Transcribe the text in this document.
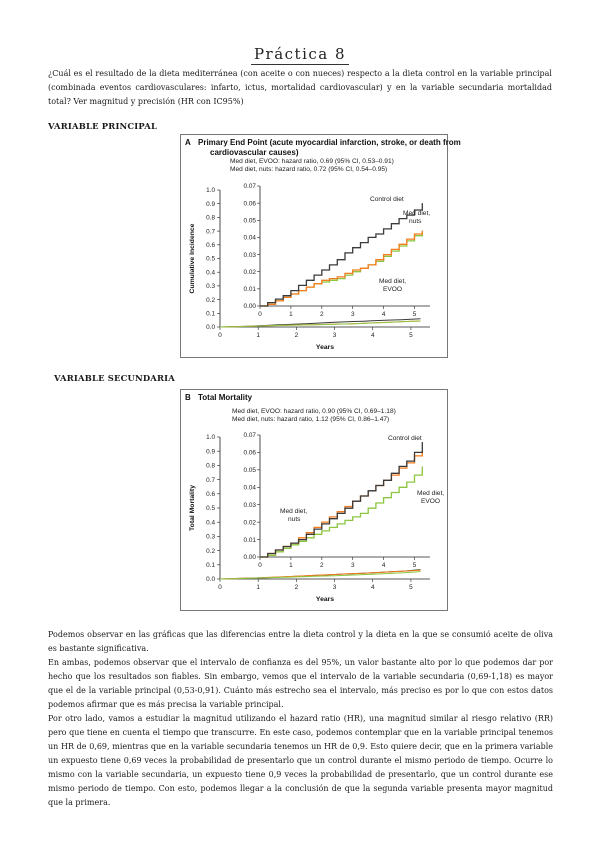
Práctica 8

¿Cuál es el resultado de la dieta mediterránea (con aceite o con nueces) respecto a la dieta control en la variable principal (combinada eventos cardiovasculares: infarto, ictus, mortalidad cardiovascular) y en la variable secundaria mortalidad total? Ver magnitud y precisión (HR con IC95%)

VARIABLE PRINCIPAL

A Primary End Point (acute myocardial infarction, stroke, or death from
cardiovascular causes)
Med diet, EVOO: hazard ratio, 0.69 (95% CI, 0.53–0.91)
Med diet, nuts: hazard ratio, 0.72 (95% CI, 0.54–0.95)
0.0
0.1
0.2
0.3
0.4
0.5
0.6
0.7
0.8
0.9
1.0
0	1	2	3	4	5
Years
Cumulative Incidence
0.00
0.01
0.02
0.03
0.04
0.05
0.06
0.07
0	1	2	3	4	5
Control diet
Med diet,
nuts
Med diet,
EVOO

VARIABLE SECUNDARIA

B Total Mortality
Med diet, EVOO: hazard ratio, 0.90 (95% CI, 0.69–1.18)
Med diet, nuts: hazard ratio, 1.12 (95% CI, 0.86–1.47)
0.0
0.1
0.2
0.3
0.4
0.5
0.6
0.7
0.8
0.9
1.0
0	1	2	3	4	5
Years
Total Mortality
0.00
0.01
0.02
0.03
0.04
0.05
0.06
0.07
0	1	2	3	4	5
Control diet
Med diet,
nuts
Med diet,
EVOO

Podemos observar en las gráficas que las diferencias entre la dieta control y la dieta en la que se consumió aceite de oliva es bastante significativa.

En ambas, podemos observar que el intervalo de confianza es del 95%, un valor bastante alto por lo que podemos dar por hecho que los resultados son fiables. Sin embargo, vemos que el intervalo de la variable secundaria (0,69-1,18) es mayor que el de la variable principal (0,53-0,91). Cuánto más estrecho sea el intervalo, más preciso es por lo que con estos datos podemos afirmar que es más precisa la variable principal.

Por otro lado, vamos a estudiar la magnitud utilizando el hazard ratio (HR), una magnitud similar al riesgo relativo (RR) pero que tiene en cuenta el tiempo que transcurre. En este caso, podemos contemplar que en la variable principal tenemos un HR de 0,69, mientras que en la variable secundaria tenemos un HR de 0,9. Esto quiere decir, que en la primera variable un expuesto tiene 0,69 veces la probabilidad de presentarlo que un control durante el mismo periodo de tiempo. Ocurre lo mismo con la variable secundaria, un expuesto tiene 0,9 veces la probabilidad de presentarlo, que un control durante ese mismo periodo de tiempo. Con esto, podemos llegar a la conclusión de que la segunda variable presenta mayor magnitud que la primera.
